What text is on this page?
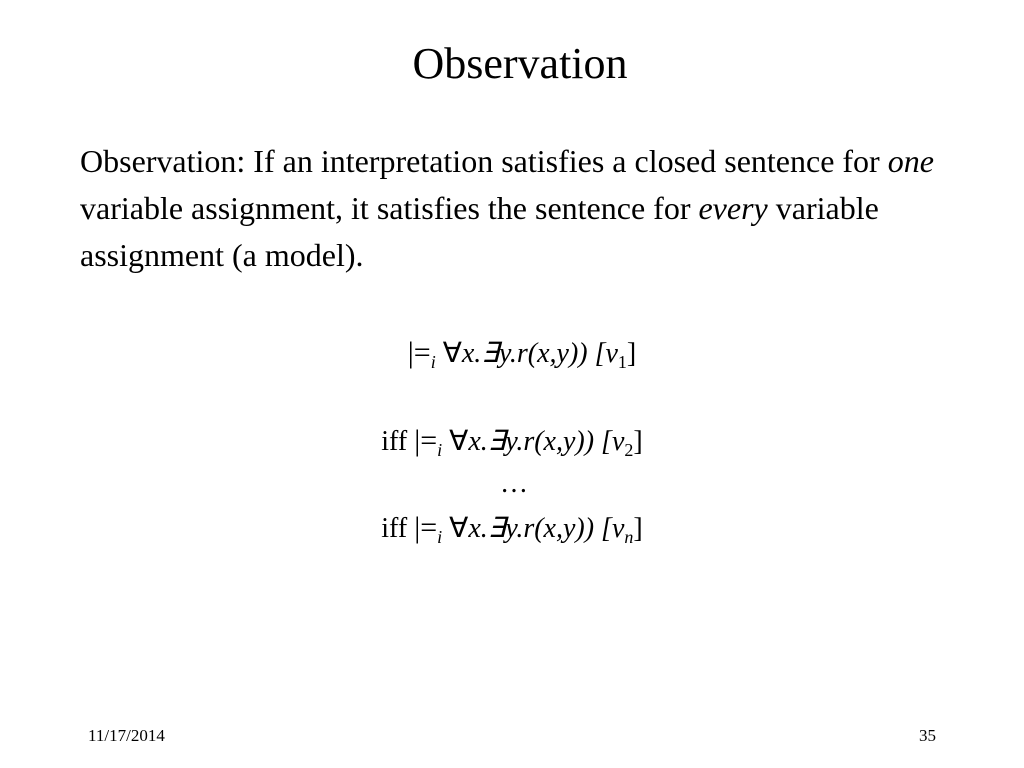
Observation
Observation: If an interpretation satisfies a closed sentence for one variable assignment, it satisfies the sentence for every variable assignment (a model).
$|=_i$ ∀x.∃y.r(x,y)) $[v_1]$
iff $|=_i$ ∀x.∃y.r(x,y)) $[v_2]$
…
iff $|=_i$ ∀x.∃y.r(x,y)) $[v_n]$
11/17/2014	35
